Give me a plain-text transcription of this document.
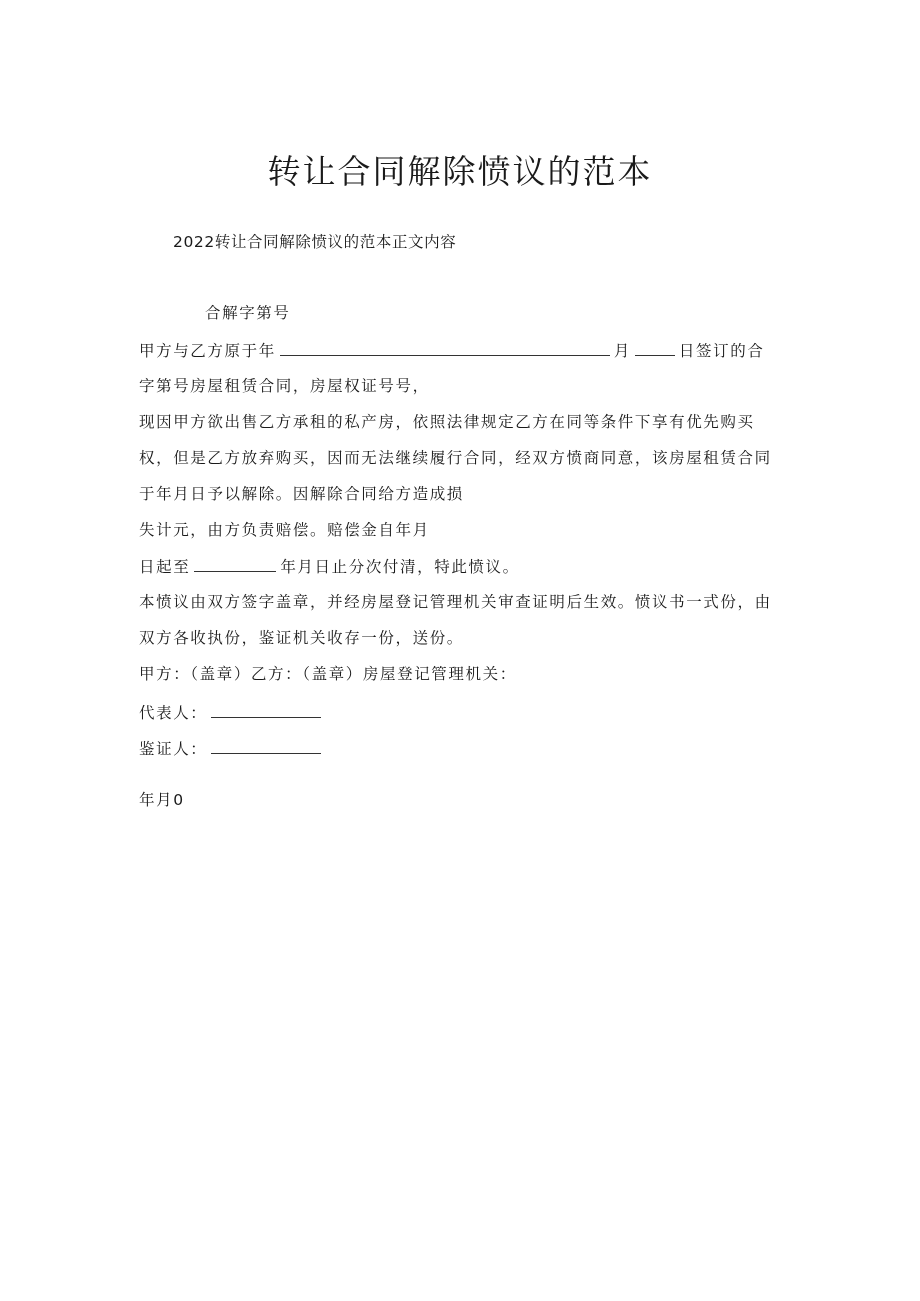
转让合同解除愤议的范本
2022转让合同解除愤议的范本正文内容
合解字第号
甲方与乙方原于年	月	日签订的合
字第号房屋租赁合同，房屋权证号号，
现因甲方欲出售乙方承租的私产房，依照法律规定乙方在同等条件下享有优先购买
权，但是乙方放弃购买，因而无法继续履行合同，经双方愤商同意，该房屋租赁合同
于年月日予以解除。因解除合同给方造成损
失计元，由方负责赔偿。赔偿金自年月
日起至	年月日止分次付清，特此愤议。
本愤议由双方签字盖章，并经房屋登记管理机关审查证明后生效。愤议书一式份，由
双方各收执份，鉴证机关收存一份，送份。
甲方：（盖章）乙方：（盖章）房屋登记管理机关：
代表人：
鉴证人：
年月0
